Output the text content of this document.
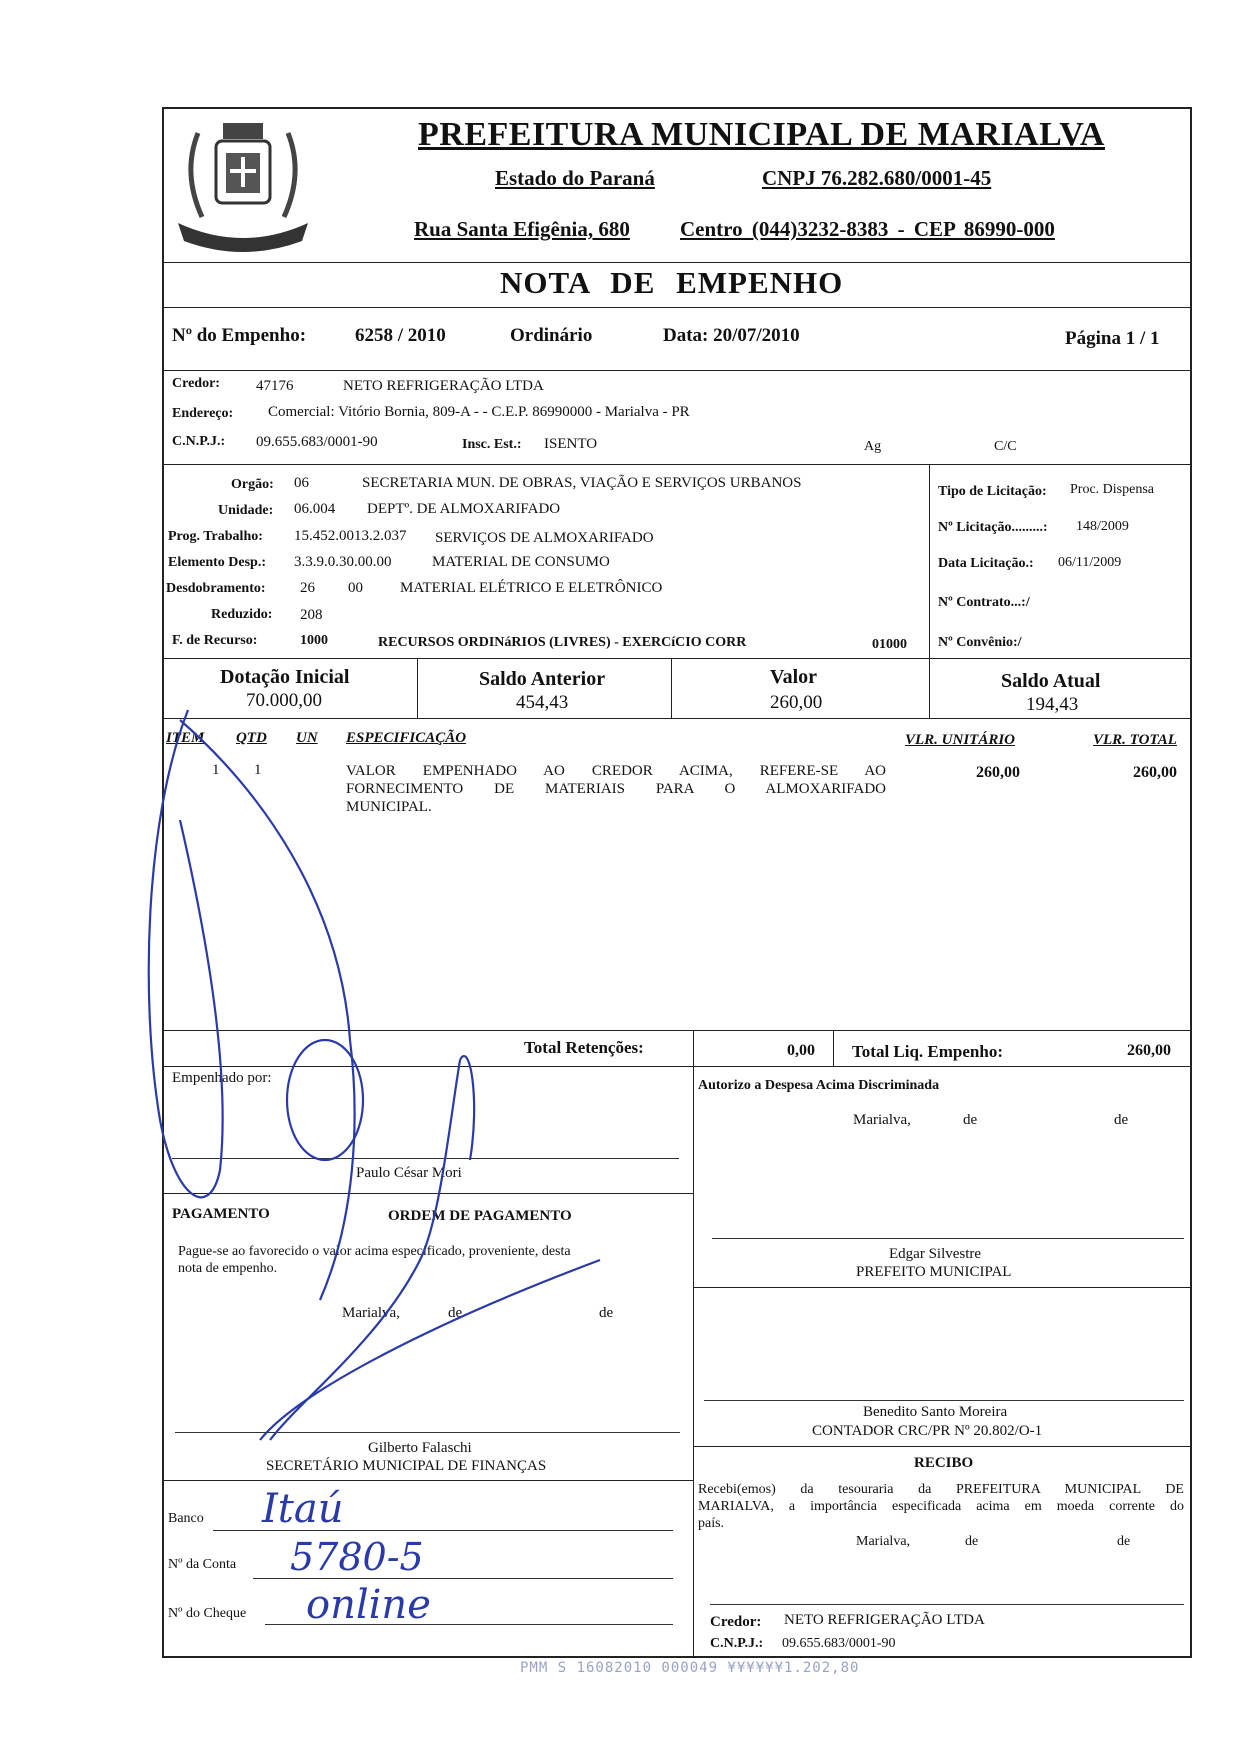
PREFEITURA MUNICIPAL DE MARIALVA
Estado do Paraná	CNPJ 76.282.680/0001-45
Rua Santa Efigênia, 680 Centro (044)3232-8383 - CEP 86990-000
NOTA DE EMPENHO
Nº do Empenho:	6258 / 2010	Ordinário	Data: 20/07/2010	Página 1 / 1
Credor: 47176	NETO REFRIGERAÇÃO LTDA
Endereço: Comercial: Vitório Bornia, 809-A - - C.E.P. 86990000 - Marialva - PR
C.N.P.J.: 09.655.683/0001-90	Insc. Est.: ISENTO	Ag	C/C
Orgão: 06	SECRETARIA MUN. DE OBRAS, VIAÇÃO E SERVIÇOS URBANOS
Unidade: 06.004 DEPTº. DE ALMOXARIFADO
Prog. Trabalho: 15.452.0013.2.037 SERVIÇOS DE ALMOXARIFADO
Elemento Desp.: 3.3.9.0.30.00.00	MATERIAL DE CONSUMO
Desdobramento: 26 00 MATERIAL ELÉTRICO E ELETRÔNICO
Reduzido: 208
F. de Recurso:	1000	RECURSOS ORDINáRIOS (LIVRES) - EXERCíCIO CORR	01000
Tipo de Licitação: Proc. Dispensa
Nº Licitação.........: 148/2009
Data Licitação.: 06/11/2009
Nº Contrato...:/
Nº Convênio:/
Dotação Inicial
70.000,00
Saldo Anterior
454,43
Valor
260,00
Saldo Atual
194,43
ITEM QTD UN ESPECIFICAÇÃO	VLR. UNITÁRIO	VLR. TOTAL
1 1	VALOR EMPENHADO AO CREDOR ACIMA, REFERE-SE AO
FORNECIMENTO DE MATERIAIS PARA O ALMOXARIFADO
MUNICIPAL.
260,00	260,00
Total Retenções:	0,00 Total Liq. Empenho:	260,00
Empenhado por:
Paulo César Mori
Autorizo a Despesa Acima Discriminada
Marialva,	de	de
Edgar Silvestre
PREFEITO MUNICIPAL
Benedito Santo Moreira
CONTADOR CRC/PR Nº 20.802/O-1
PAGAMENTO	ORDEM DE PAGAMENTO
Pague-se ao favorecido o valor acima especificado, proveniente, desta
nota de empenho.
Marialva,	de	de
Gilberto Falaschi
SECRETÁRIO MUNICIPAL DE FINANÇAS
Banco Itaú
Nº da Conta 5780-5
Nº do Cheque online
RECIBO
Recebi(emos) da tesouraria da PREFEITURA MUNICIPAL DE
MARIALVA, a importância especificada acima em moeda corrente do
país.
Marialva,	de	de
Credor: NETO REFRIGERAÇÃO LTDA
C.N.P.J.: 09.655.683/0001-90
PMM S 16082010 000049 ¥¥¥¥¥¥1.202,80
